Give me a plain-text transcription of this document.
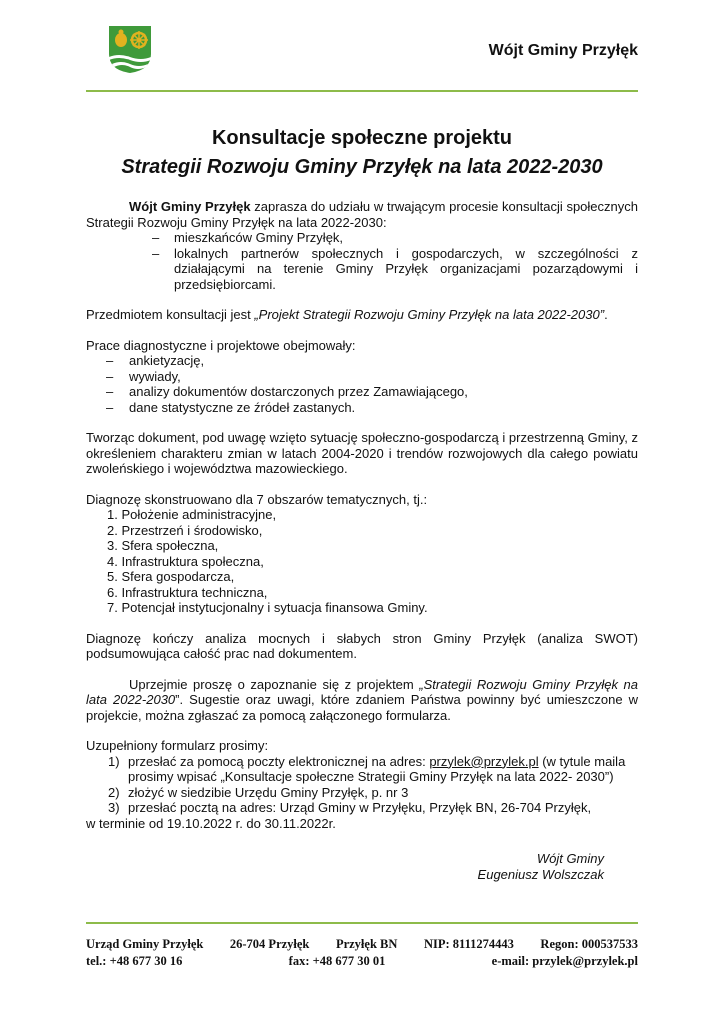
Wójt Gminy Przyłęk
Konsultacje społeczne projektu
Strategii Rozwoju Gminy Przyłęk na lata 2022-2030

Wójt Gminy Przyłęk zaprasza do udziału w trwającym procesie konsultacji społecznych Strategii Rozwoju Gminy Przyłęk na lata 2022-2030:

– mieszkańców Gminy Przyłęk,
– lokalnych partnerów społecznych i gospodarczych, w szczególności z działającymi na terenie Gminy Przyłęk organizacjami pozarządowymi i przedsiębiorcami.

Przedmiotem konsultacji jest „Projekt Strategii Rozwoju Gminy Przyłęk na lata 2022-2030”.

Prace diagnostyczne i projektowe obejmowały:

– ankietyzację,
– wywiady,
– analizy dokumentów dostarczonych przez Zamawiającego,
– dane statystyczne ze źródeł zastanych.

Tworząc dokument, pod uwagę wzięto sytuację społeczno-gospodarczą i przestrzenną Gminy, z określeniem charakteru zmian w latach 2004-2020 i trendów rozwojowych dla całego powiatu zwoleńskiego i województwa mazowieckiego.

Diagnozę skonstruowano dla 7 obszarów tematycznych, tj.:

1. Położenie administracyjne,
2. Przestrzeń i środowisko,
3. Sfera społeczna,
4. Infrastruktura społeczna,
5. Sfera gospodarcza,
6. Infrastruktura techniczna,
7. Potencjał instytucjonalny i sytuacja finansowa Gminy.

Diagnozę kończy analiza mocnych i słabych stron Gminy Przyłęk (analiza SWOT) podsumowująca całość prac nad dokumentem.

Uprzejmie proszę o zapoznanie się z projektem „Strategii Rozwoju Gminy Przyłęk na lata 2022-2030”. Sugestie oraz uwagi, które zdaniem Państwa powinny być umieszczone w projekcie, można zgłaszać za pomocą załączonego formularza.

Uzupełniony formularz prosimy:

1) przesłać za pomocą poczty elektronicznej na adres: przylek@przylek.pl (w tytule maila prosimy wpisać „Konsultacje społeczne Strategii Gminy Przyłęk na lata 2022- 2030”)
2) złożyć w siedzibie Urzędu Gminy Przyłęk, p. nr 3
3) przesłać pocztą na adres: Urząd Gminy w Przyłęku, Przyłęk BN, 26-704 Przyłęk,

w terminie od 19.10.2022 r. do 30.11.2022r.

Wójt Gminy
Eugeniusz Wolszczak
Urząd Gminy Przyłęk 26-704 Przyłęk Przyłęk BN NIP: 8111274443 Regon: 000537533
tel.: +48 677 30 16	fax: +48 677 30 01	e-mail: przylek@przylek.pl
